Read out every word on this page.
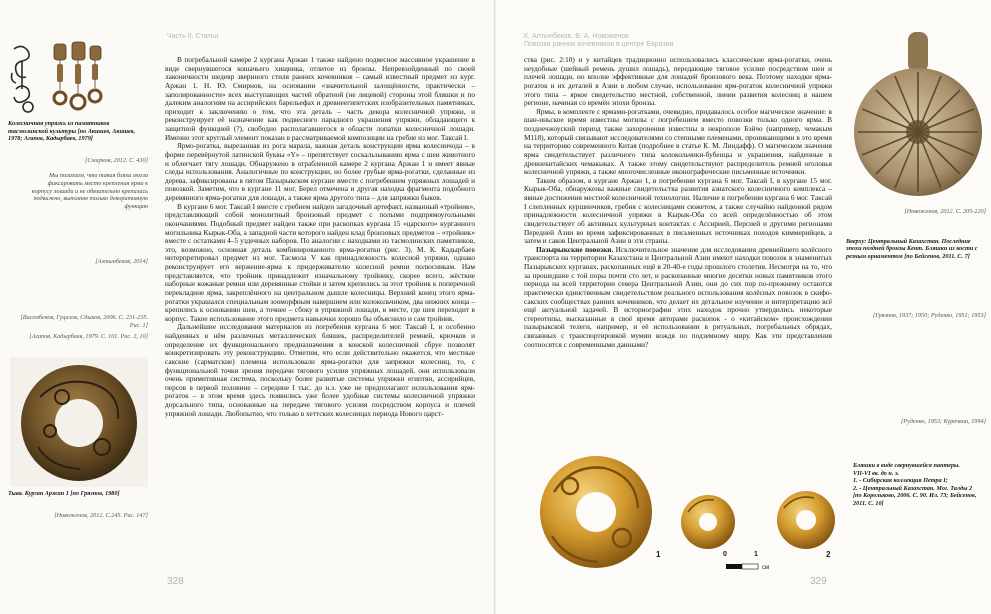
Часть II. Статьи
Колесничная упряжь из памятников тасмолинской культуры [по Акишев, Акишев, 1978; Агапов, Кадырбаев, 1979]
[Смирнов, 2012. С. 430]
Мы полагаем, что такая бляха могла фиксировать место крепления ярма к корпусу лошади и не обязательно крепилась подвижно, выполняя только декоративную функцию
[Алтынбеков, 2014]
[Висембеков, Гуцалов, Сдыков, 2006. С. 231-235. Рис. 1]
[Агапов, Кадырбаев, 1979. С. 101. Рис. 2, 10]
Тыва. Курган Аржан 1 [по Грязнов, 1980]
[Новоженов, 2012. С.245. Рис. 147]

В погребальной камере 2 кургана Аржан 1 также найдено подвесное массивное украшение в виде свернувшегося кошачьего хищника, отлитое из бронзы. Непревзойденный по своей лаконичности шедевр звериного стиля ранних кочевников – самый известный предмет из кург. Аржан 1. Н. Ю. Смирнов, на основании «значительной залощённости, практически – заполированности» всех выступающих частей обратной (не лицевой) стороны этой бляшки и по далеким аналогиям на ассирийских барельефах и древнеегипетских изобразительных памятниках, приходит к заключению о том, что эта деталь – часть декора колесничной упряжи, и реконструирует её назначение как подвесного парадного украшения упряжи, обладающего к защитной функцией (?), свободно располагавшегося в области лопатки колесничной лошади. Именно этот круглый элемент показан в рассматриваемой композиции на гребне из мог. Таксай I.

Ярмо-рогатка, вырезанная из рога марала, важная деталь конструкции ярма колесничода – в форме перевёрнутой латинской буквы «Y» – препятствует соскальзыванию ярма с шеи животного и облегчает тягу лошади. Обнаружено в ограбленной камере 2 кургана Аржан 1 и имеет явные следы использования. Аналогичные по конструкции, но более грубые ярма-рогатки, сделанные из дерева, зафиксированы в пятом Пазырыкском кургане вместе с погребением упряжных лошадей и повозкой. Заметим, что в кургане 11 мог. Берел отмечена и другая находка фрагмента подобного деревянного ярма-рогатки для лошади, а также ярма другого типа – для запряжки быков.

В кургане 6 мог. Таксай I вместе с гребнем найден загадочный артефакт, названный «тройник», представляющий собой монолитный бронзовый предмет с полыми подпрямоугольными окончаниями. Подобный предмет найден также при раскопках кургана 15 «царского» курганного могильника Кырык-Оба, а западной части которого найден клад бронзовых предметов – «тройник» вместе с остатками 4–5 уздечных наборов. По аналогии с находками из тасмолинских памятников, это, возможно, основная деталь комбинированного ярма-рогатки (рис. 3). М. К. Кадырбаев интерпретировал предмет из мог. Тасмола V как принадлежность колесной упряжи, однако реконструирует его вержение-ярма к придерживателю колесной ремни полюсникам. Нам представляется, что тройник принадлежит изначальному тройнику, скорее всего, жёсткие наборные кожаные ремни или деревянные стойки и затем крепились за этот тройник к поперечной перекладине ярма, закреплённого на центральном дышле колесницы. Верхний конец этого ярма-рогатки украшался специальным зооморфным навершием или колокольчиком, два нижних конца – крепились к основанию шеи, а точнее – сбоку в упряжной лошади, в месте, где шея переходит в корпус. Такое использование этого предмета навьючки хорошо бы объяснило и сам тройник.

Дальнейшие исследования материалов из погребения кургана 6 мог. Таксай I, и особенно найденных в нём различных металлических бляшек, распределителей ремней, крючков и определение их функционального предназначения в конской колесничной сбруе позволят конкретизировать эту реконструкцию. Отметим, что если действительно окажется, что местные сакские (сарматские) племена использовали ярма-рогатки для запряжки колесниц, то, с функциональной точки зрения передачи тягового усилия упряжных лошадей, они использовали очень примитивная система, поскольку более развитые системы упряжки египтян, ассирийцев, персов в первой половине – середине I тыс. до н.э. уже не предполагают использования ярм-рогаток – в этом время здесь появились уже более удобные системы колесничной упряжки дорсального типа, основанные на передаче тягового усилия посредством корпуса и плечей упряжной лошади. Любопытно, что только в хеттских колесницах периода Нового царст-

328
К. Алтынбеков, В. А. Новоженов
Повозки ранних кочевников в центре Евразии

ства (рис. 2:10) и у китайцев традиционно использовались классические ярма-рогатки, очень неудобные (шейный ремень душил лошадь), передающие тяговое усилие посредством шеи и плечей лошади, но вполне эффективные для лошадей бронзового века. Поэтому находки ярма-рогаток и их деталей в Азии в любом случае, использование ярм-рогаток колесничной упряжи этого типа – яркое свидетельство местной, собственной, линии развития колесниц в нашем регионе, начиная со времён эпохи бронзы.

Ярмы, в комплекте с ярмами-рогатками, очевидно, придавалось особое магическое значение: в шан-иньское время известны могилы с погребением вместо повозки только одного ярма. В позднечжоуский период также захоронения известны в некрополе Бэйчо (например, чемакым М118), который связывают исследователями со степными племенами, проникающими в это время на территорию современного Китая (подробнее в статье К. М. Линдафф). О магическом значения ярма свидетельствует различного типа колокольчики-бубенцы и украшения, найденные в древнекитайских чемакыках. А также этому свидетельствуют распределитель ремней оголовья колесничной упряжи, а также многочисленные иконографические письменные источники.

Таким образом, в кургане Аржан 1, в погребении кургана 6 мог. Таксай I, в кургане 15 мог. Кырык-Оба, обнаружены важные свидетельства развития азиатского колесничного комплекса – явные достижения местной колесничной технологии. Наличие в погребении кургана 6 мог. Таксай I слепленных куршинчиков, гребня с колесницами сюжетом, а также случайно найденной рядом принадлежности колесничной упряжи в Кырык-Оба со всей определённостью об этом свидетельствует об активных культурных контактах с Ассирией, Персией и другими регионами Передней Азии во время зафиксированных в письменных источниках походов киммерийцев, а затем и саков Центральной Азии в эти страны.

Пазырыкские повозки. Исключительное значение для исследования древнейшего колёсного транспорта на территории Казахстана и Центральной Азии имеют находки повозок в знаменитых Пазырыкских курганах, раскопанных ещё в 20-40-е годы прошлого столетия. Несмотря на то, что за прошедшие с той поры почти сто лет, и раскопанные многие десятки новых памятников этого периода на всей территории севера Центральной Азии, они до сих пор по-прежнему остаются практически единственным свидетельством реального использования колёсных повозок в скифо-сакских сообществах ранних кочевников, что делает их детальное изучение и интерпретацию всё ещё актуальной задачей. В историографии этих находок прочно утвердились некоторые стереотипы, высказанные в своё время авторами раскопок - о «китайском» происхождении пазырыкской телеги, например, и её использовании в ритуальных, погребальных обрядах, связанных с транспортировкой мумии вождя по подземному миру. Как эти представления соотносятся с современными данными?

[Новоженов, 2012. С. 205-220]
Вверху: Центральный Казахстан. Последние эпохи поздней бронзы Кент. Бляшки из кости с резным орнаментом [по Бейсенов, 2011. С. 7]
[Грязнов, 1937; 1950; Руденко, 1951; 1953]
[Руденко, 1953; Курочкин, 1994]
1	2
0	1
см
Бляшки в виде свернувшейся пантеры.
VII-VI вв. до н. э.
1. - Сибирская коллекция Петра I;
2. - Центральный Казахстан. Мог. Талды 2
[по Корольково, 2006. С. 90. Ил. 73; Бейсенов, 2011. С. 10]
329
